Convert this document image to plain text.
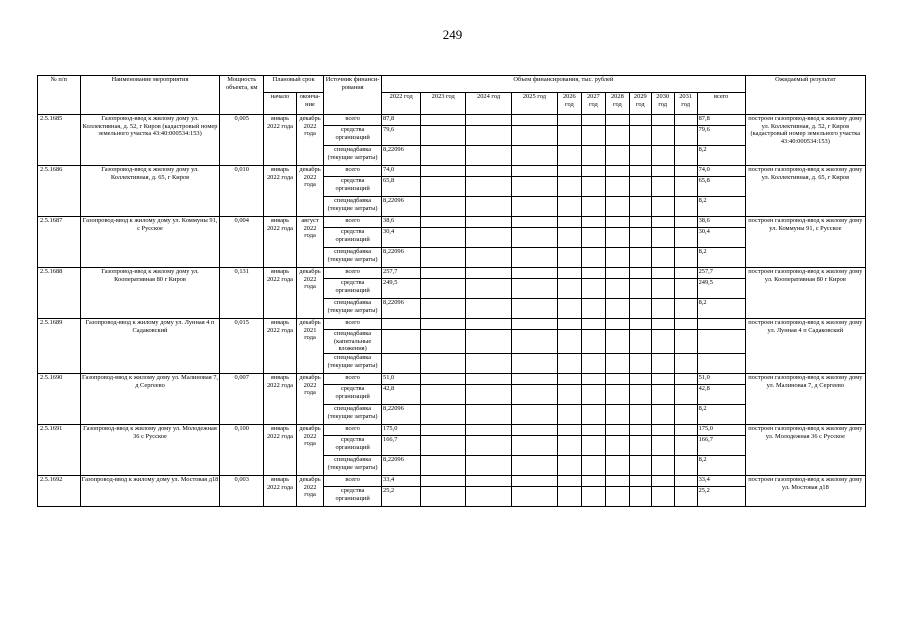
249
№ п/п	Наименование мероприятия	Мощность объекта, км	Плановый срок		Источник финанси-рования	Объем финансирования, тыс. рублей											Ожидаемый результат
			начало	оконча-ние		2022 год	2023 год	2024 год	2025 год	2026 год	2027 год	2028 год	2029 год	2030 год	2031 год	всего	
2.5.1685	Газопровод-ввод к жилому дому ул. Коллективная, д. 52, г Киров (кадастровый номер земельного участка 43:40:000534:153)	0,005	январь 2022 года	декабрь 2022 года	всего	87,8										87,8	построен газопровод-ввод к жилому дому ул. Коллективная, д. 52, г Киров (кадастровый номер земельного участка 43:40:000534:153)
					средства организаций	79,6										79,6	
					спецнадбавка (текущие затраты)	8,22096										8,2	
2.5.1686	Газопровод-ввод к жилому дому ул. Коллективная, д. 65, г Киров	0,010	январь 2022 года	декабрь 2022 года	всего	74,0										74,0	построен газопровод-ввод к жилому дому ул. Коллективная, д. 65, г Киров
					средства организаций	65,8										65,8	
					спецнадбавка (текущие затраты)	8,22096										8,2	
2.5.1687	Газопровод-ввод к жилому дому ул. Коммуны 91, с Русское	0,004	январь 2022 года	август 2022 года	всего	38,6										38,6	построен газопровод-ввод к жилому дому ул. Коммуны 91, с Русское
					средства организаций	30,4										30,4	
					спецнадбавка (текущие затраты)	8,22096										8,2	
2.5.1688	Газопровод-ввод к жилому дому ул. Кооперативная 80 г Киров	0,131	январь 2022 года	декабрь 2022 года	всего	257,7										257,7	построен газопровод-ввод к жилому дому ул. Кооперативная 80 г Киров
					средства организаций	249,5										249,5	
					спецнадбавка (текущие затраты)	8,22096										8,2	
2.5.1689	Газопровод-ввод к жилому дому ул. Лунная 4 п Садаковский	0,015	январь 2022 года	декабрь 2021 года	всего												построен газопровод-ввод к жилому дому ул. Лунная 4 п Садаковский
					спецнадбавка (капитальные вложения)												
					спецнадбавка (текущие затраты)												
2.5.1690	Газопровод-ввод к жилому дому ул. Малиновая 7, д Сергеево	0,007	январь 2022 года	декабрь 2022 года	всего	51,0										51,0	построен газопровод-ввод к жилому дому ул. Малиновая 7, д Сергеево
					средства организаций	42,8										42,8	
					спецнадбавка (текущие затраты)	8,22096										8,2	
2.5.1691	Газопровод-ввод к жилому дому ул. Молодежная 36 с Русское	0,100	январь 2022 года	декабрь 2022 года	всего	175,0										175,0	построен газопровод-ввод к жилому дому ул. Молодежная 36 с Русское
					средства организаций	166,7										166,7	
					спецнадбавка (текущие затраты)	8,22096										8,2	
2.5.1692	Газопровод-ввод к жилому дому ул. Мостовая д18	0,003	январь 2022 года	декабрь 2022 года	всего	33,4										33,4	построен газопровод-ввод к жилому дому ул. Мостовая д18
					средства организаций	25,2										25,2	
